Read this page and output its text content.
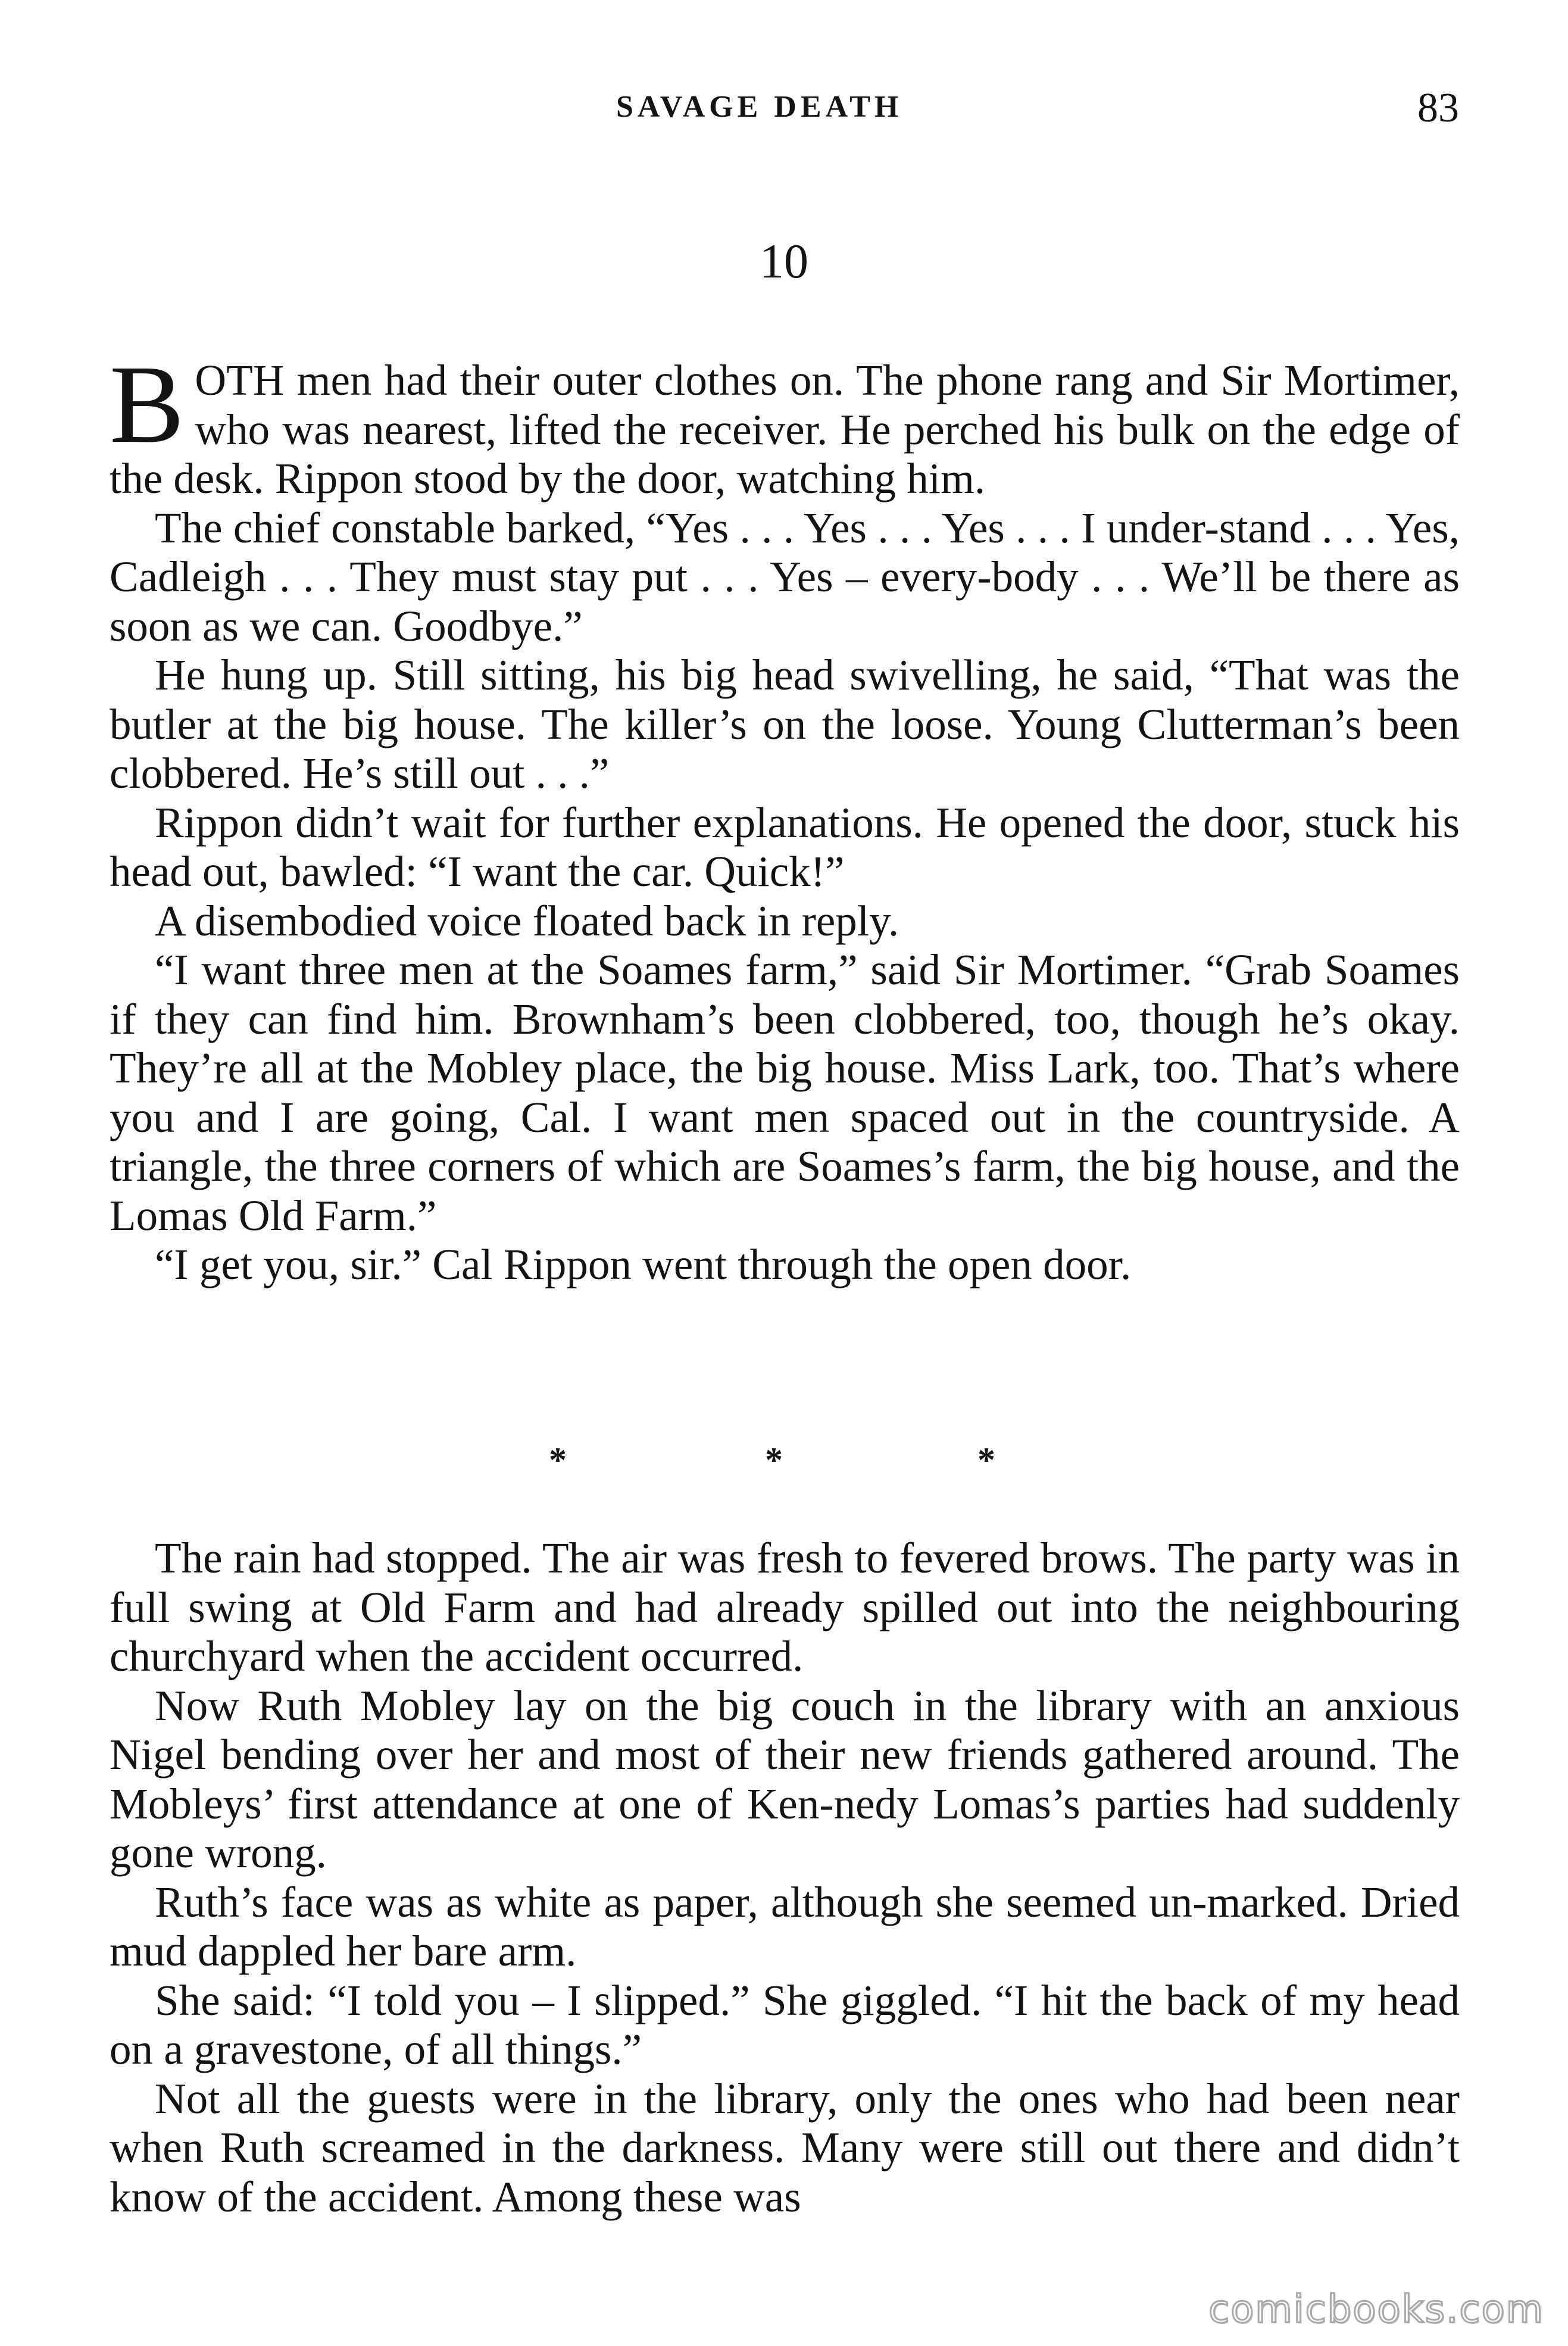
SAVAGE DEATH	83
10

BOTH men had their outer clothes on. The phone rang and Sir Mortimer, who was nearest, lifted the receiver. He perched his bulk on the edge of the desk. Rippon stood by the door, watching him.

The chief constable barked, “Yes . . . Yes . . . Yes . . . I under-stand . . . Yes, Cadleigh . . . They must stay put . . . Yes – every-body . . . We’ll be there as soon as we can. Goodbye.”

He hung up. Still sitting, his big head swivelling, he said, “That was the butler at the big house. The killer’s on the loose. Young Clutterman’s been clobbered. He’s still out . . .”

Rippon didn’t wait for further explanations. He opened the door, stuck his head out, bawled: “I want the car. Quick!”

A disembodied voice floated back in reply.

“I want three men at the Soames farm,” said Sir Mortimer. “Grab Soames if they can find him. Brownham’s been clobbered, too, though he’s okay. They’re all at the Mobley place, the big house. Miss Lark, too. That’s where you and I are going, Cal. I want men spaced out in the countryside. A triangle, the three corners of which are Soames’s farm, the big house, and the Lomas Old Farm.”

“I get you, sir.” Cal Rippon went through the open door.

*	*	*

The rain had stopped. The air was fresh to fevered brows. The party was in full swing at Old Farm and had already spilled out into the neighbouring churchyard when the accident occurred.

Now Ruth Mobley lay on the big couch in the library with an anxious Nigel bending over her and most of their new friends gathered around. The Mobleys’ first attendance at one of Ken-nedy Lomas’s parties had suddenly gone wrong.

Ruth’s face was as white as paper, although she seemed un-marked. Dried mud dappled her bare arm.

She said: “I told you – I slipped.” She giggled. “I hit the back of my head on a gravestone, of all things.”

Not all the guests were in the library, only the ones who had been near when Ruth screamed in the darkness. Many were still out there and didn’t know of the accident. Among these was

comicbooks.com
